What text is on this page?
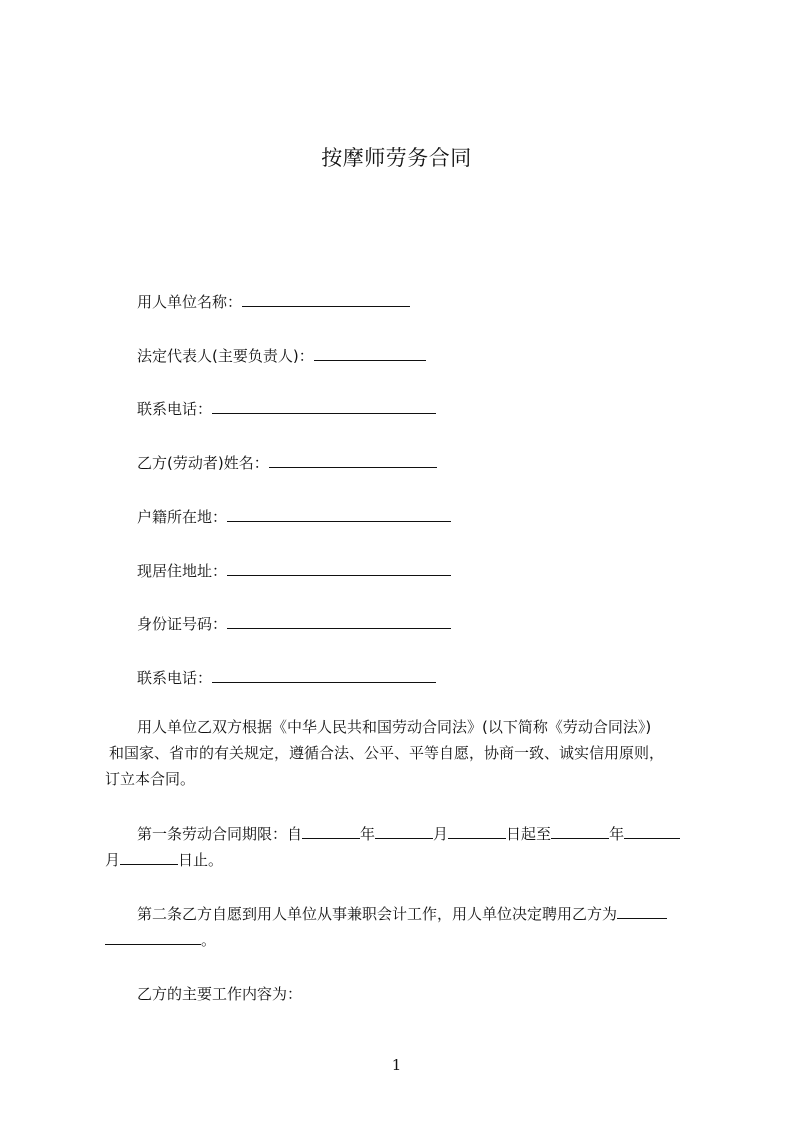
按摩师劳务合同
用人单位名称：
法定代表人(主要负责人)：
联系电话：
乙方(劳动者)姓名：
户籍所在地：
现居住地址：
身份证号码：
联系电话：
用人单位乙双方根据《中华人民共和国劳动合同法》(以下简称《劳动合同法》)
和国家、省市的有关规定，遵循合法、公平、平等自愿，协商一致、诚实信用原则，
订立本合同。
第一条劳动合同期限：自	年	月	日起至	年
月	日止。
第二条乙方自愿到用人单位从事兼职会计工作，用人单位决定聘用乙方为
。
乙方的主要工作内容为：
1
